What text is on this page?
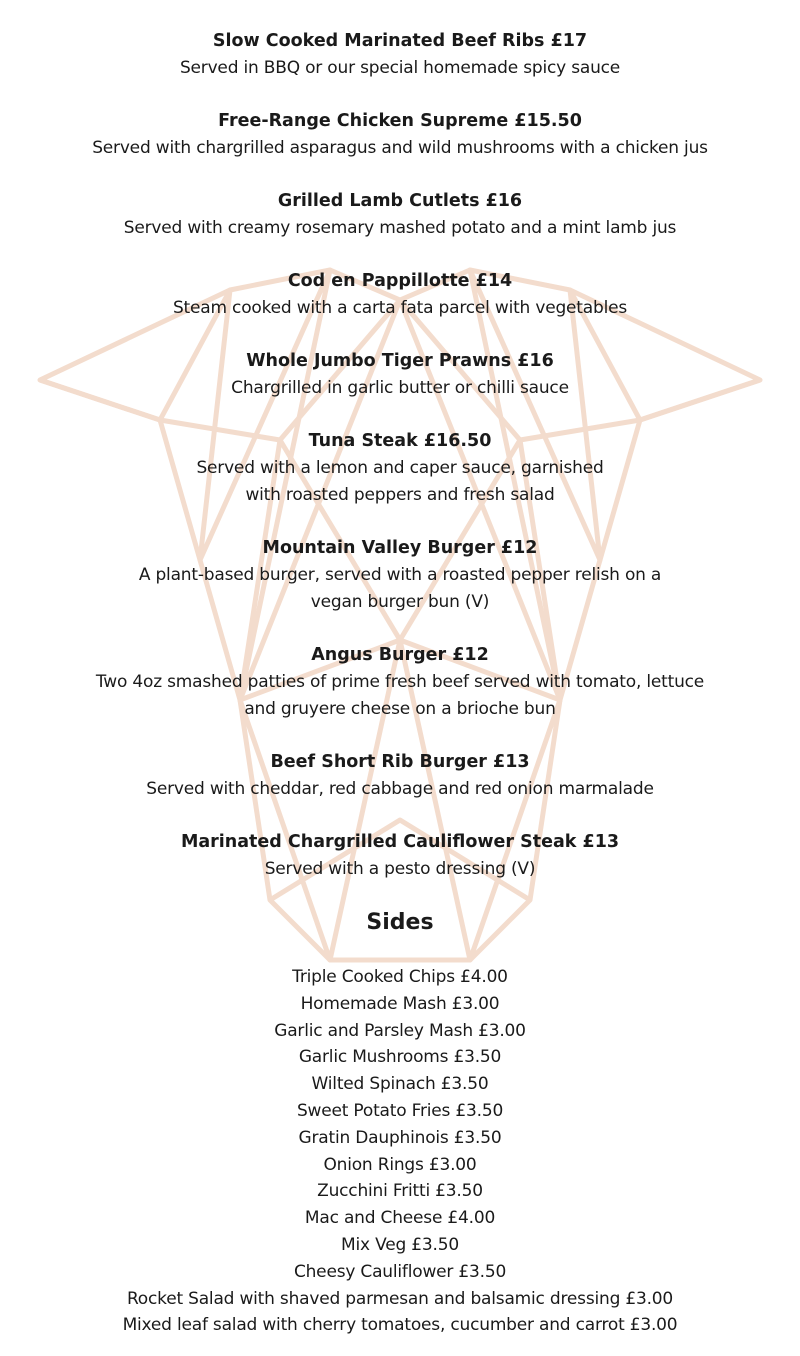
Slow Cooked Marinated Beef Ribs £17
Served in BBQ or our special homemade spicy sauce
Free-Range Chicken Supreme £15.50
Served with chargrilled asparagus and wild mushrooms with a chicken jus
Grilled Lamb Cutlets £16
Served with creamy rosemary mashed potato and a mint lamb jus
Cod en Pappillotte £14
Steam cooked with a carta fata parcel with vegetables
Whole Jumbo Tiger Prawns £16
Chargrilled in garlic butter or chilli sauce
Tuna Steak £16.50
Served with a lemon and caper sauce, garnished
with roasted peppers and fresh salad
Mountain Valley Burger £12
A plant-based burger, served with a roasted pepper relish on a
vegan burger bun (V)
Angus Burger £12
Two 4oz smashed patties of prime fresh beef served with tomato, lettuce
and gruyere cheese on a brioche bun
Beef Short Rib Burger £13
Served with cheddar, red cabbage and red onion marmalade
Marinated Chargrilled Cauliflower Steak £13
Served with a pesto dressing (V)
Sides
Triple Cooked Chips £4.00
Homemade Mash £3.00
Garlic and Parsley Mash £3.00
Garlic Mushrooms £3.50
Wilted Spinach £3.50
Sweet Potato Fries £3.50
Gratin Dauphinois £3.50
Onion Rings £3.00
Zucchini Fritti £3.50
Mac and Cheese £4.00
Mix Veg £3.50
Cheesy Cauliflower £3.50
Rocket Salad with shaved parmesan and balsamic dressing £3.00
Mixed leaf salad with cherry tomatoes, cucumber and carrot £3.00
